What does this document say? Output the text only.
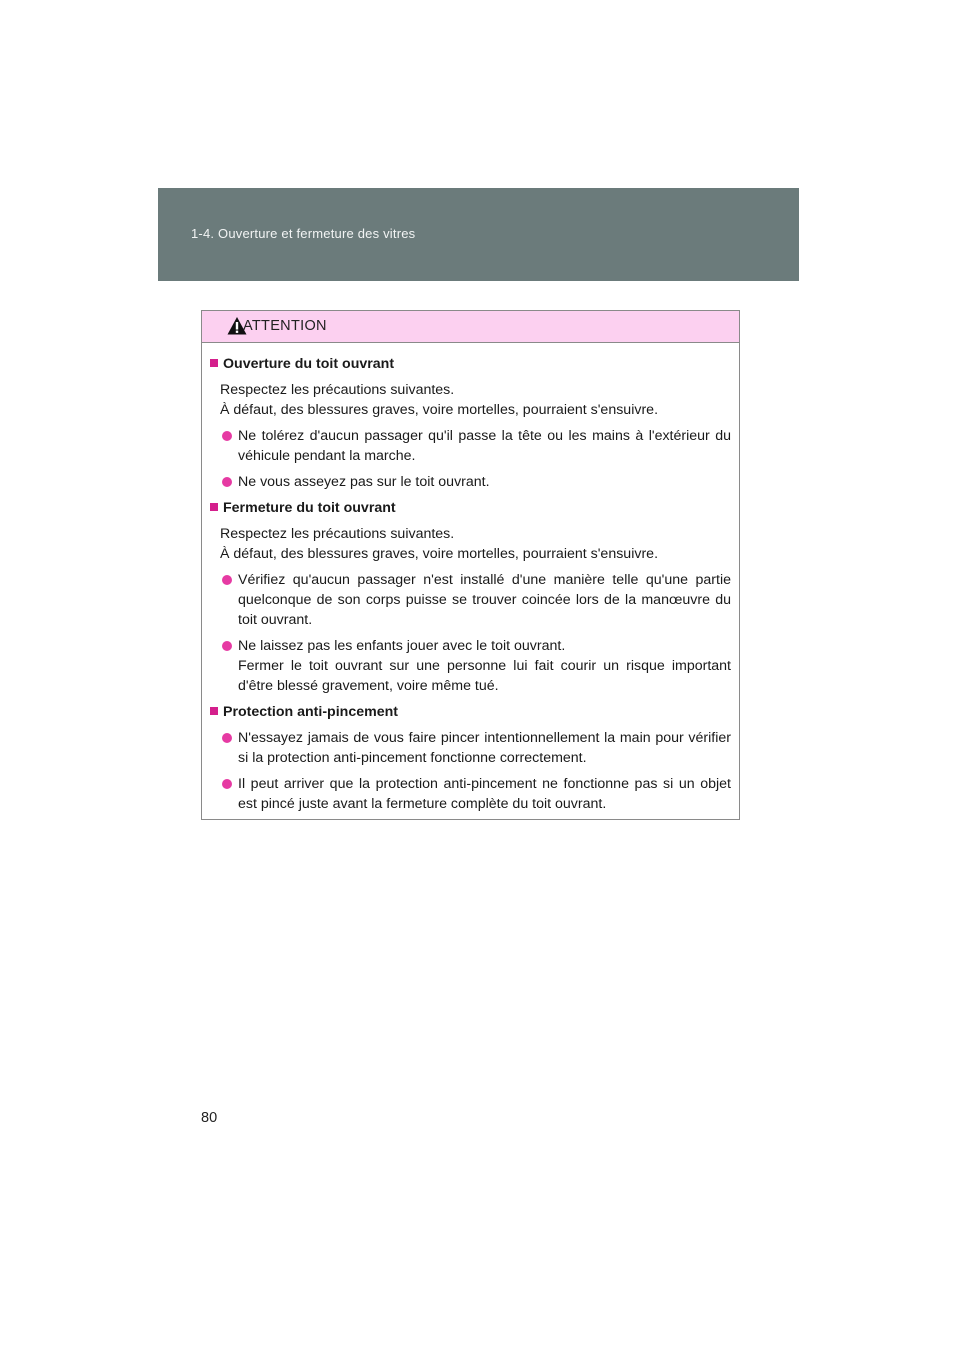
1-4. Ouverture et fermeture des vitres
ATTENTION
Ouverture du toit ouvrant
Respectez les précautions suivantes.
À défaut, des blessures graves, voire mortelles, pourraient s'ensuivre.
Ne tolérez d'aucun passager qu'il passe la tête ou les mains à l'extérieur du véhicule pendant la marche.
Ne vous asseyez pas sur le toit ouvrant.
Fermeture du toit ouvrant
Respectez les précautions suivantes.
À défaut, des blessures graves, voire mortelles, pourraient s'ensuivre.
Vérifiez qu'aucun passager n'est installé d'une manière telle qu'une partie quelconque de son corps puisse se trouver coincée lors de la manœuvre du toit ouvrant.
Ne laissez pas les enfants jouer avec le toit ouvrant.
Fermer le toit ouvrant sur une personne lui fait courir un risque important d'être blessé gravement, voire même tué.
Protection anti-pincement
N'essayez jamais de vous faire pincer intentionnellement la main pour vérifier si la protection anti-pincement fonctionne correctement.
Il peut arriver que la protection anti-pincement ne fonctionne pas si un objet est pincé juste avant la fermeture complète du toit ouvrant.
80
